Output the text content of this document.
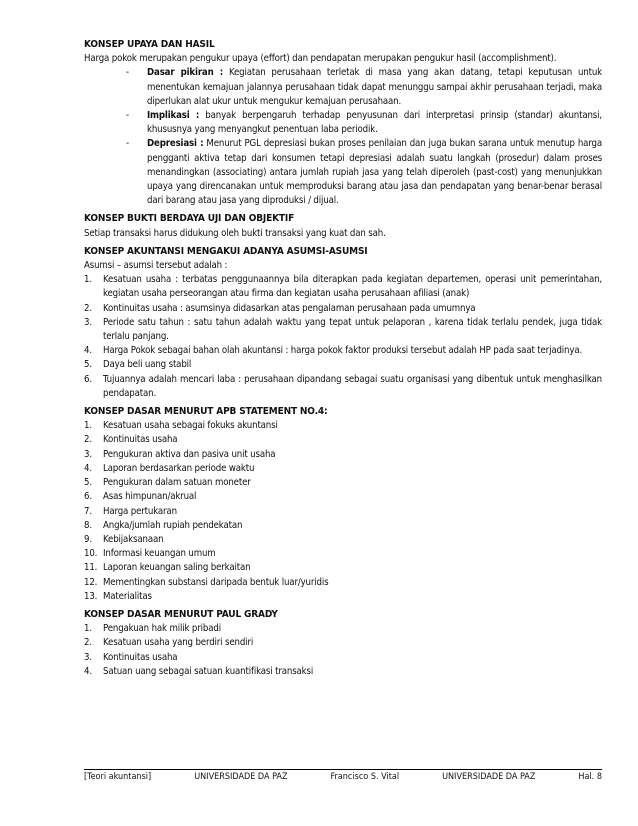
KONSEP UPAYA DAN HASIL

Harga pokok merupakan pengukur upaya (effort) dan pendapatan merupakan pengukur hasil (accomplishment).

- Dasar pikiran : Kegiatan perusahaan terletak di masa yang akan datang, tetapi keputusan untuk menentukan kemajuan jalannya perusahaan tidak dapat menunggu sampai akhir perusahaan terjadi, maka diperlukan alat ukur untuk mengukur kemajuan perusahaan.
- Implikasi : banyak berpengaruh terhadap penyusunan dari interpretasi prinsip (standar) akuntansi, khususnya yang menyangkut penentuan laba periodik.
- Depresiasi : Menurut PGL depresiasi bukan proses penilaian dan juga bukan sarana untuk menutup harga pengganti aktiva tetap dari konsumen tetapi depresiasi adalah suatu langkah (prosedur) dalam proses menandingkan (associating) antara jumlah rupiah jasa yang telah diperoleh (past-cost) yang menunjukkan upaya yang direncanakan untuk memproduksi barang atau jasa dan pendapatan yang benar-benar berasal dari barang atau jasa yang diproduksi / dijual.
KONSEP BUKTI BERDAYA UJI DAN OBJEKTIF

Setiap transaksi harus didukung oleh bukti transaksi yang kuat dan sah.

KONSEP AKUNTANSI MENGAKUI ADANYA ASUMSI-ASUMSI

Asumsi – asumsi tersebut adalah :

1. Kesatuan usaha : terbatas penggunaannya bila diterapkan pada kegiatan departemen, operasi unit pemerintahan, kegiatan usaha perseorangan atau firma dan kegiatan usaha perusahaan afiliasi (anak)
2. Kontinuitas usaha : asumsinya didasarkan atas pengalaman perusahaan pada umumnya
3. Periode satu tahun : satu tahun adalah waktu yang tepat untuk pelaporan , karena tidak terlalu pendek, juga tidak terlalu panjang.
4. Harga Pokok sebagai bahan olah akuntansi : harga pokok faktor produksi tersebut adalah HP pada saat terjadinya.
5. Daya beli uang stabil
6. Tujuannya adalah mencari laba : perusahaan dipandang sebagai suatu organisasi yang dibentuk untuk menghasilkan pendapatan.
KONSEP DASAR MENURUT APB STATEMENT NO.4:
1. Kesatuan usaha sebagai fokuks akuntansi
2. Kontinuitas usaha
3. Pengukuran aktiva dan pasiva unit usaha
4. Laporan berdasarkan periode waktu
5. Pengukuran dalam satuan moneter
6. Asas himpunan/akrual
7. Harga pertukaran
8. Angka/jumlah rupiah pendekatan
9. Kebijaksanaan
10. Informasi keuangan umum
11. Laporan keuangan saling berkaitan
12. Mementingkan substansi daripada bentuk luar/yuridis
13. Materialitas
KONSEP DASAR MENURUT PAUL GRADY
1. Pengakuan hak milik pribadi
2. Kesatuan usaha yang berdiri sendiri
3. Kontinuitas usaha
4. Satuan uang sebagai satuan kuantifikasi transaksi
[Teori akuntansi]	UNIVERSIDADE DA PAZ	Francisco S. Vital	UNIVERSIDADE DA PAZ	Hal. 8
